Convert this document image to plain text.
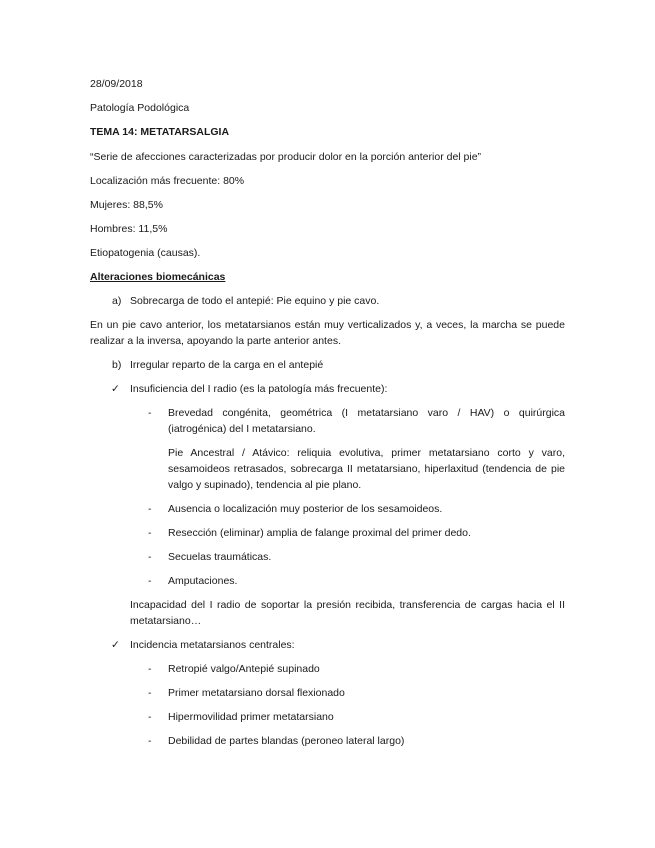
28/09/2018
Patología Podológica
TEMA 14: METATARSALGIA
“Serie de afecciones caracterizadas por producir dolor en la porción anterior del pie”
Localización más frecuente: 80%
Mujeres: 88,5%
Hombres: 11,5%
Etiopatogenia (causas).
Alteraciones biomecánicas
a) Sobrecarga de todo el antepié: Pie equino y pie cavo.
En un pie cavo anterior, los metatarsianos están muy verticalizados y, a veces, la marcha se puede realizar a la inversa, apoyando la parte anterior antes.
b) Irregular reparto de la carga en el antepié
✓ Insuficiencia del I radio (es la patología más frecuente):
- Brevedad congénita, geométrica (I metatarsiano varo / HAV) o quirúrgica (iatrogénica) del I metatarsiano.
Pie Ancestral / Atávico: reliquia evolutiva, primer metatarsiano corto y varo, sesamoideos retrasados, sobrecarga II metatarsiano, hiperlaxitud (tendencia de pie valgo y supinado), tendencia al pie plano.
- Ausencia o localización muy posterior de los sesamoideos.
- Resección (eliminar) amplia de falange proximal del primer dedo.
- Secuelas traumáticas.
- Amputaciones.
Incapacidad del I radio de soportar la presión recibida, transferencia de cargas hacia el II metatarsiano…
✓ Incidencia metatarsianos centrales:
- Retropié valgo/Antepié supinado
- Primer metatarsiano dorsal flexionado
- Hipermovilidad primer metatarsiano
- Debilidad de partes blandas (peroneo lateral largo)
